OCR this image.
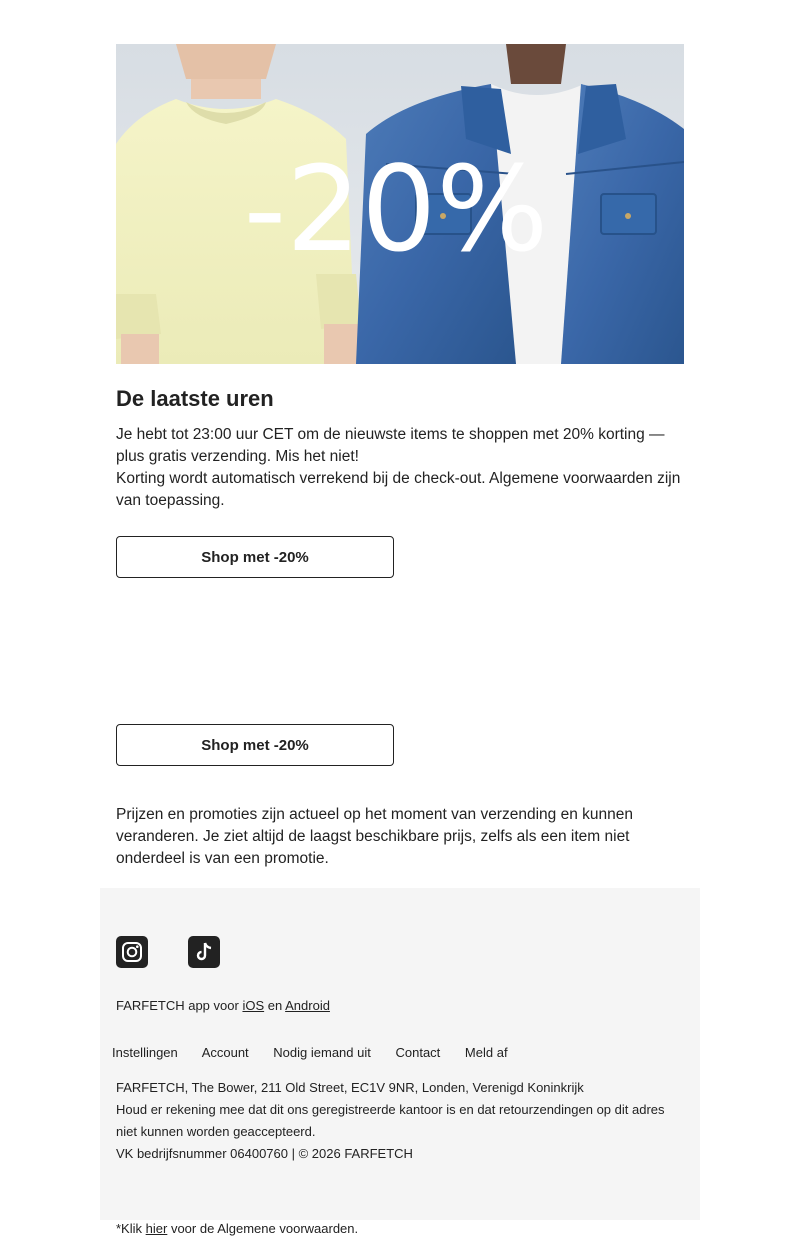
-20%
De laatste uren

Je hebt tot 23:00 uur CET om de nieuwste items te shoppen met 20% korting — plus gratis verzending. Mis het niet!

Korting wordt automatisch verrekend bij de check-out. Algemene voorwaarden zijn van toepassing.

Shop met -20%
Shop met -20%

Prijzen en promoties zijn actueel op het moment van verzending en kunnen veranderen. Je ziet altijd de laagst beschikbare prijs, zelfs als een item niet onderdeel is van een promotie.

FARFETCH app voor iOS en Android
Instellingen Account Nodig iemand uit Contact Meld af

FARFETCH, The Bower, 211 Old Street, EC1V 9NR, Londen, Verenigd Koninkrijk

Houd er rekening mee dat dit ons geregistreerde kantoor is en dat retourzendingen op dit adres niet kunnen worden geaccepteerd.

VK bedrijfsnummer 06400760 | © 2026 FARFETCH

*Klik hier voor de Algemene voorwaarden.
